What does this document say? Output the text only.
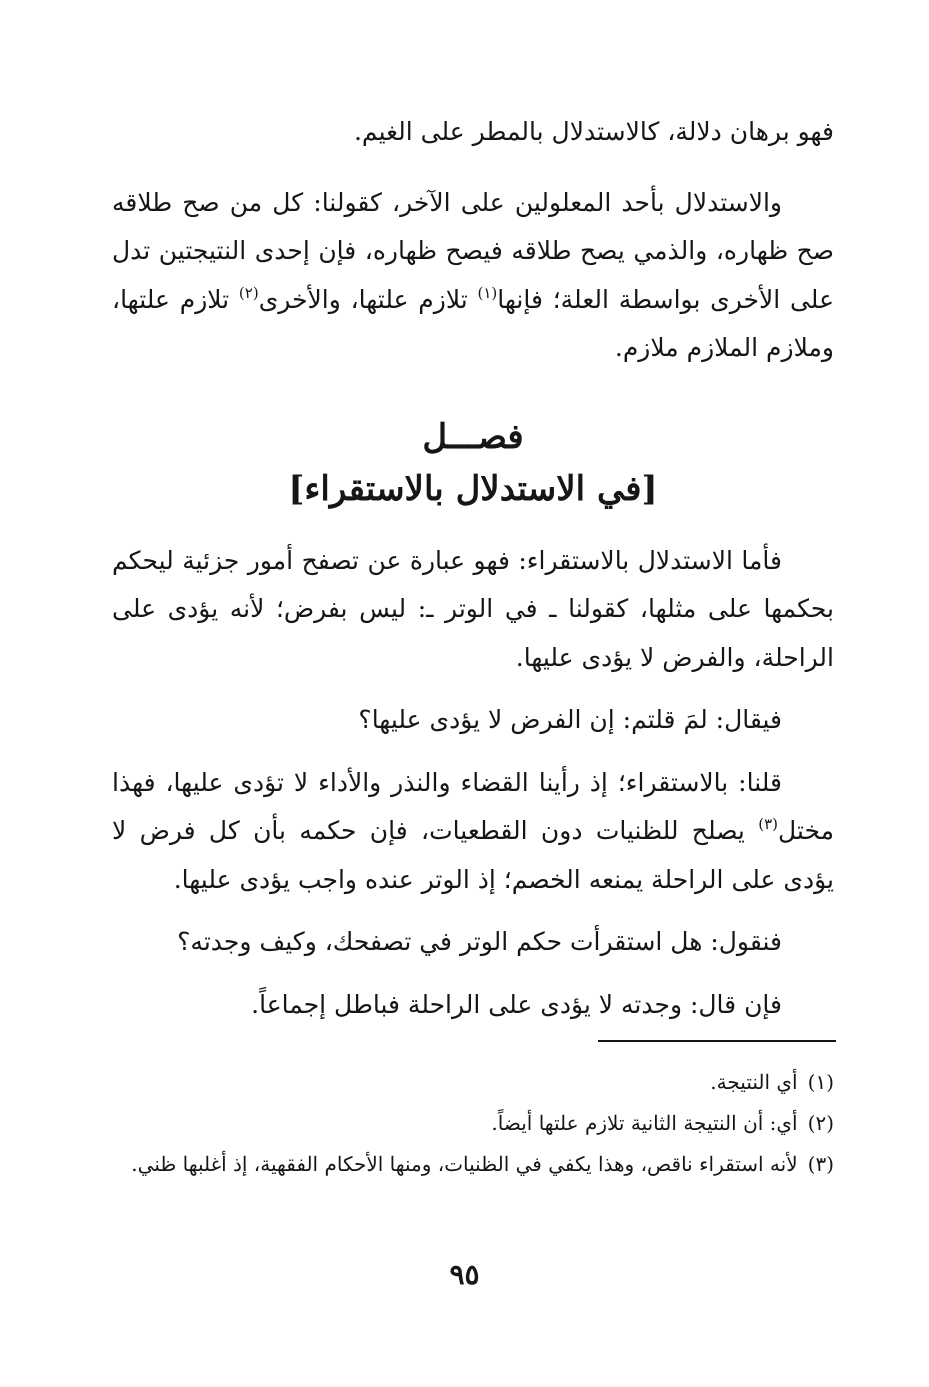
فهو برهان دلالة، كالاستدلال بالمطر على الغيم.

والاستدلال بأحد المعلولين على الآخر، كقولنا: كل من صح طلاقه صح ظهاره، والذمي يصح طلاقه فيصح ظهاره، فإن إحدى النتيجتين تدل على الأخرى بواسطة العلة؛ فإنها$^{(١)}$ تلازم علتها، والأخرى$^{(٢)}$ تلازم علتها، وملازم الملازم ملازم.

فصـــل
[في الاستدلال بالاستقراء]

فأما الاستدلال بالاستقراء: فهو عبارة عن تصفح أمور جزئية ليحكم بحكمها على مثلها، كقولنا ـ في الوتر ـ: ليس بفرض؛ لأنه يؤدى على الراحلة، والفرض لا يؤدى عليها.

فيقال: لمَ قلتم: إن الفرض لا يؤدى عليها؟

قلنا: بالاستقراء؛ إذ رأينا القضاء والنذر والأداء لا تؤدى عليها، فهذا مختل$^{(٣)}$ يصلح للظنيات دون القطعيات، فإن حكمه بأن كل فرض لا يؤدى على الراحلة يمنعه الخصم؛ إذ الوتر عنده واجب يؤدى عليها.

فنقول: هل استقرأت حكم الوتر في تصفحك، وكيف وجدته؟

فإن قال: وجدته لا يؤدى على الراحلة فباطل إجماعاً.

(١)
أي النتيجة.
(٢)
أي: أن النتيجة الثانية تلازم علتها أيضاً.
(٣)
لأنه استقراء ناقص، وهذا يكفي في الظنيات، ومنها الأحكام الفقهية، إذ أغلبها ظني.
٩٥
